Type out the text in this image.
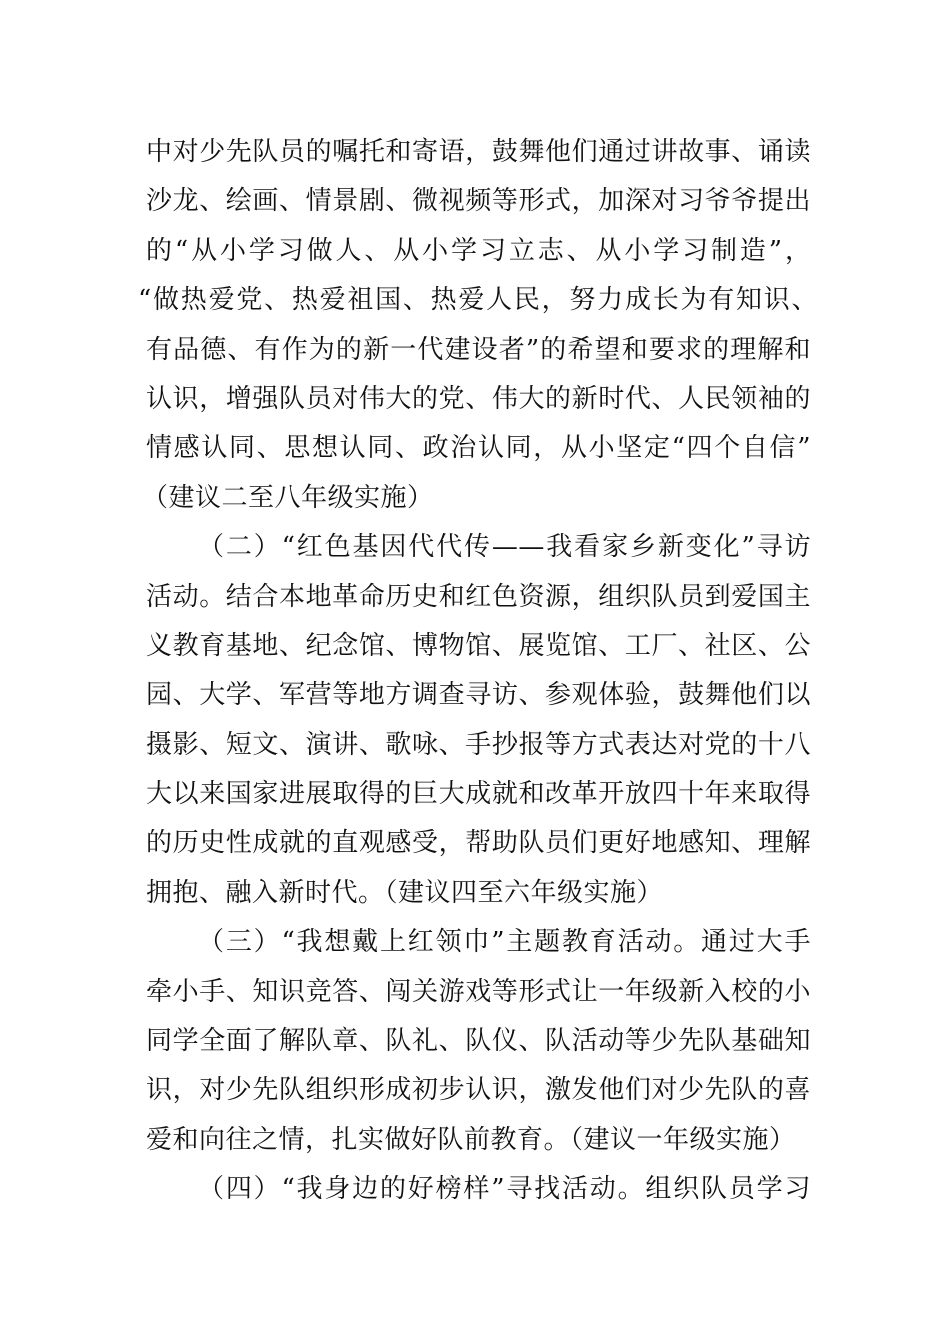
中对少先队员的嘱托和寄语，鼓舞他们通过讲故事、诵读
沙龙、绘画、情景剧、微视频等形式，加深对习爷爷提出
的“从小学习做人、从小学习立志、从小学习制造”，
“做热爱党、热爱祖国、热爱人民，努力成长为有知识、
有品德、有作为的新一代建设者”的希望和要求的理解和
认识，增强队员对伟大的党、伟大的新时代、人民领袖的
情感认同、思想认同、政治认同，从小坚定“四个自信”
（建议二至八年级实施）
（二）“红色基因代代传——我看家乡新变化”寻访
活动。结合本地革命历史和红色资源，组织队员到爱国主
义教育基地、纪念馆、博物馆、展览馆、工厂、社区、公
园、大学、军营等地方调查寻访、参观体验，鼓舞他们以
摄影、短文、演讲、歌咏、手抄报等方式表达对党的十八
大以来国家进展取得的巨大成就和改革开放四十年来取得
的历史性成就的直观感受，帮助队员们更好地感知、理解
拥抱、融入新时代。（建议四至六年级实施）
（三）“我想戴上红领巾”主题教育活动。通过大手
牵小手、知识竞答、闯关游戏等形式让一年级新入校的小
同学全面了解队章、队礼、队仪、队活动等少先队基础知
识，对少先队组织形成初步认识，激发他们对少先队的喜
爱和向往之情，扎实做好队前教育。（建议一年级实施）
（四）“我身边的好榜样”寻找活动。组织队员学习
